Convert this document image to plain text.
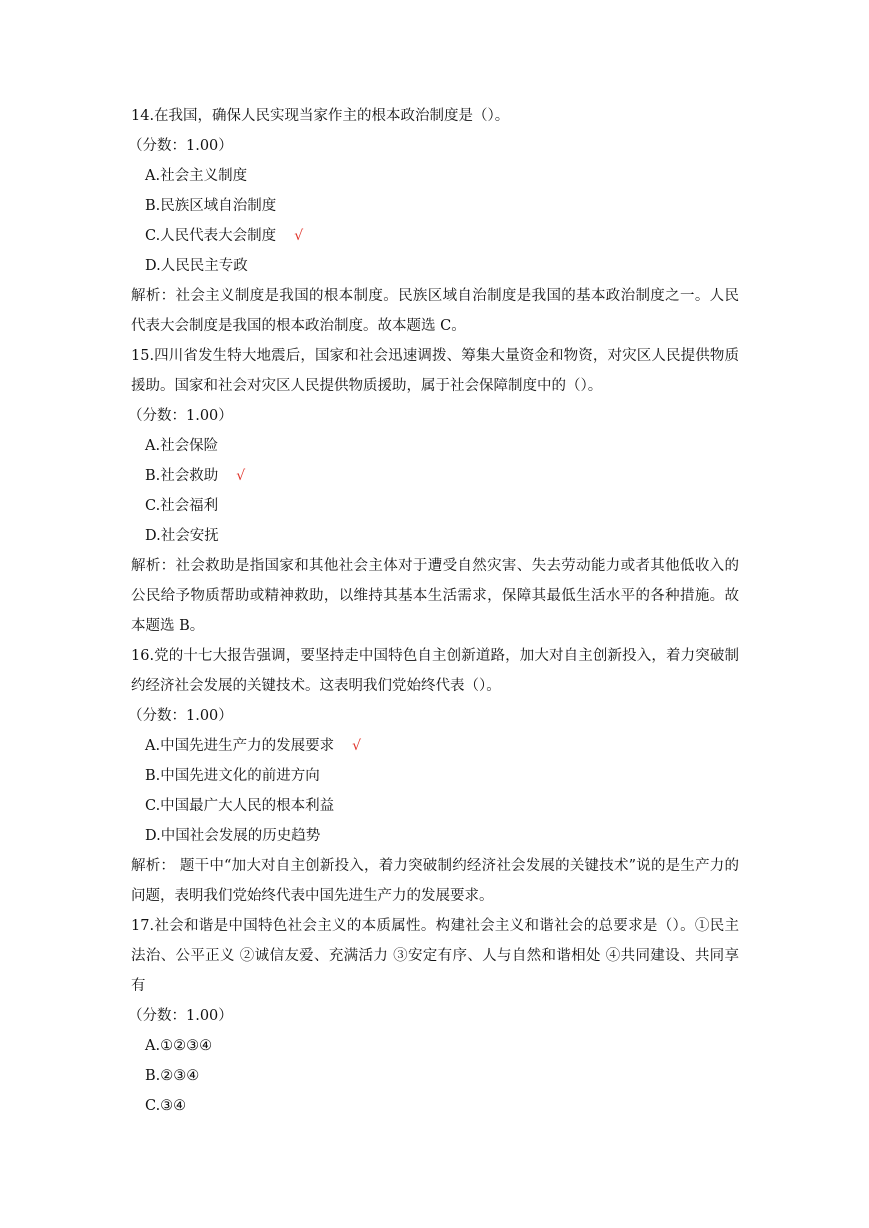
14.在我国，确保人民实现当家作主的根本政治制度是（）。
（分数：1.00）
A.社会主义制度
B.民族区域自治制度
C.人民代表大会制度 √
D.人民民主专政
解析：社会主义制度是我国的根本制度。民族区域自治制度是我国的基本政治制度之一。人民代表大会制度是我国的根本政治制度。故本题选 C。
15.四川省发生特大地震后，国家和社会迅速调拨、筹集大量资金和物资，对灾区人民提供物质援助。国家和社会对灾区人民提供物质援助，属于社会保障制度中的（）。
（分数：1.00）
A.社会保险
B.社会救助 √
C.社会福利
D.社会安抚
解析：社会救助是指国家和其他社会主体对于遭受自然灾害、失去劳动能力或者其他低收入的公民给予物质帮助或精神救助，以维持其基本生活需求，保障其最低生活水平的各种措施。故本题选 B。
16.党的十七大报告强调，要坚持走中国特色自主创新道路，加大对自主创新投入，着力突破制约经济社会发展的关键技术。这表明我们党始终代表（）。
（分数：1.00）
A.中国先进生产力的发展要求 √
B.中国先进文化的前进方向
C.中国最广大人民的根本利益
D.中国社会发展的历史趋势
解析： 题干中“加大对自主创新投入，着力突破制约经济社会发展的关键技术”说的是生产力的问题，表明我们党始终代表中国先进生产力的发展要求。
17.社会和谐是中国特色社会主义的本质属性。构建社会主义和谐社会的总要求是（）。①民主法治、公平正义 ②诚信友爱、充满活力 ③安定有序、人与自然和谐相处 ④共同建设、共同享有
（分数：1.00）
A.①②③④
B.②③④
C.③④
